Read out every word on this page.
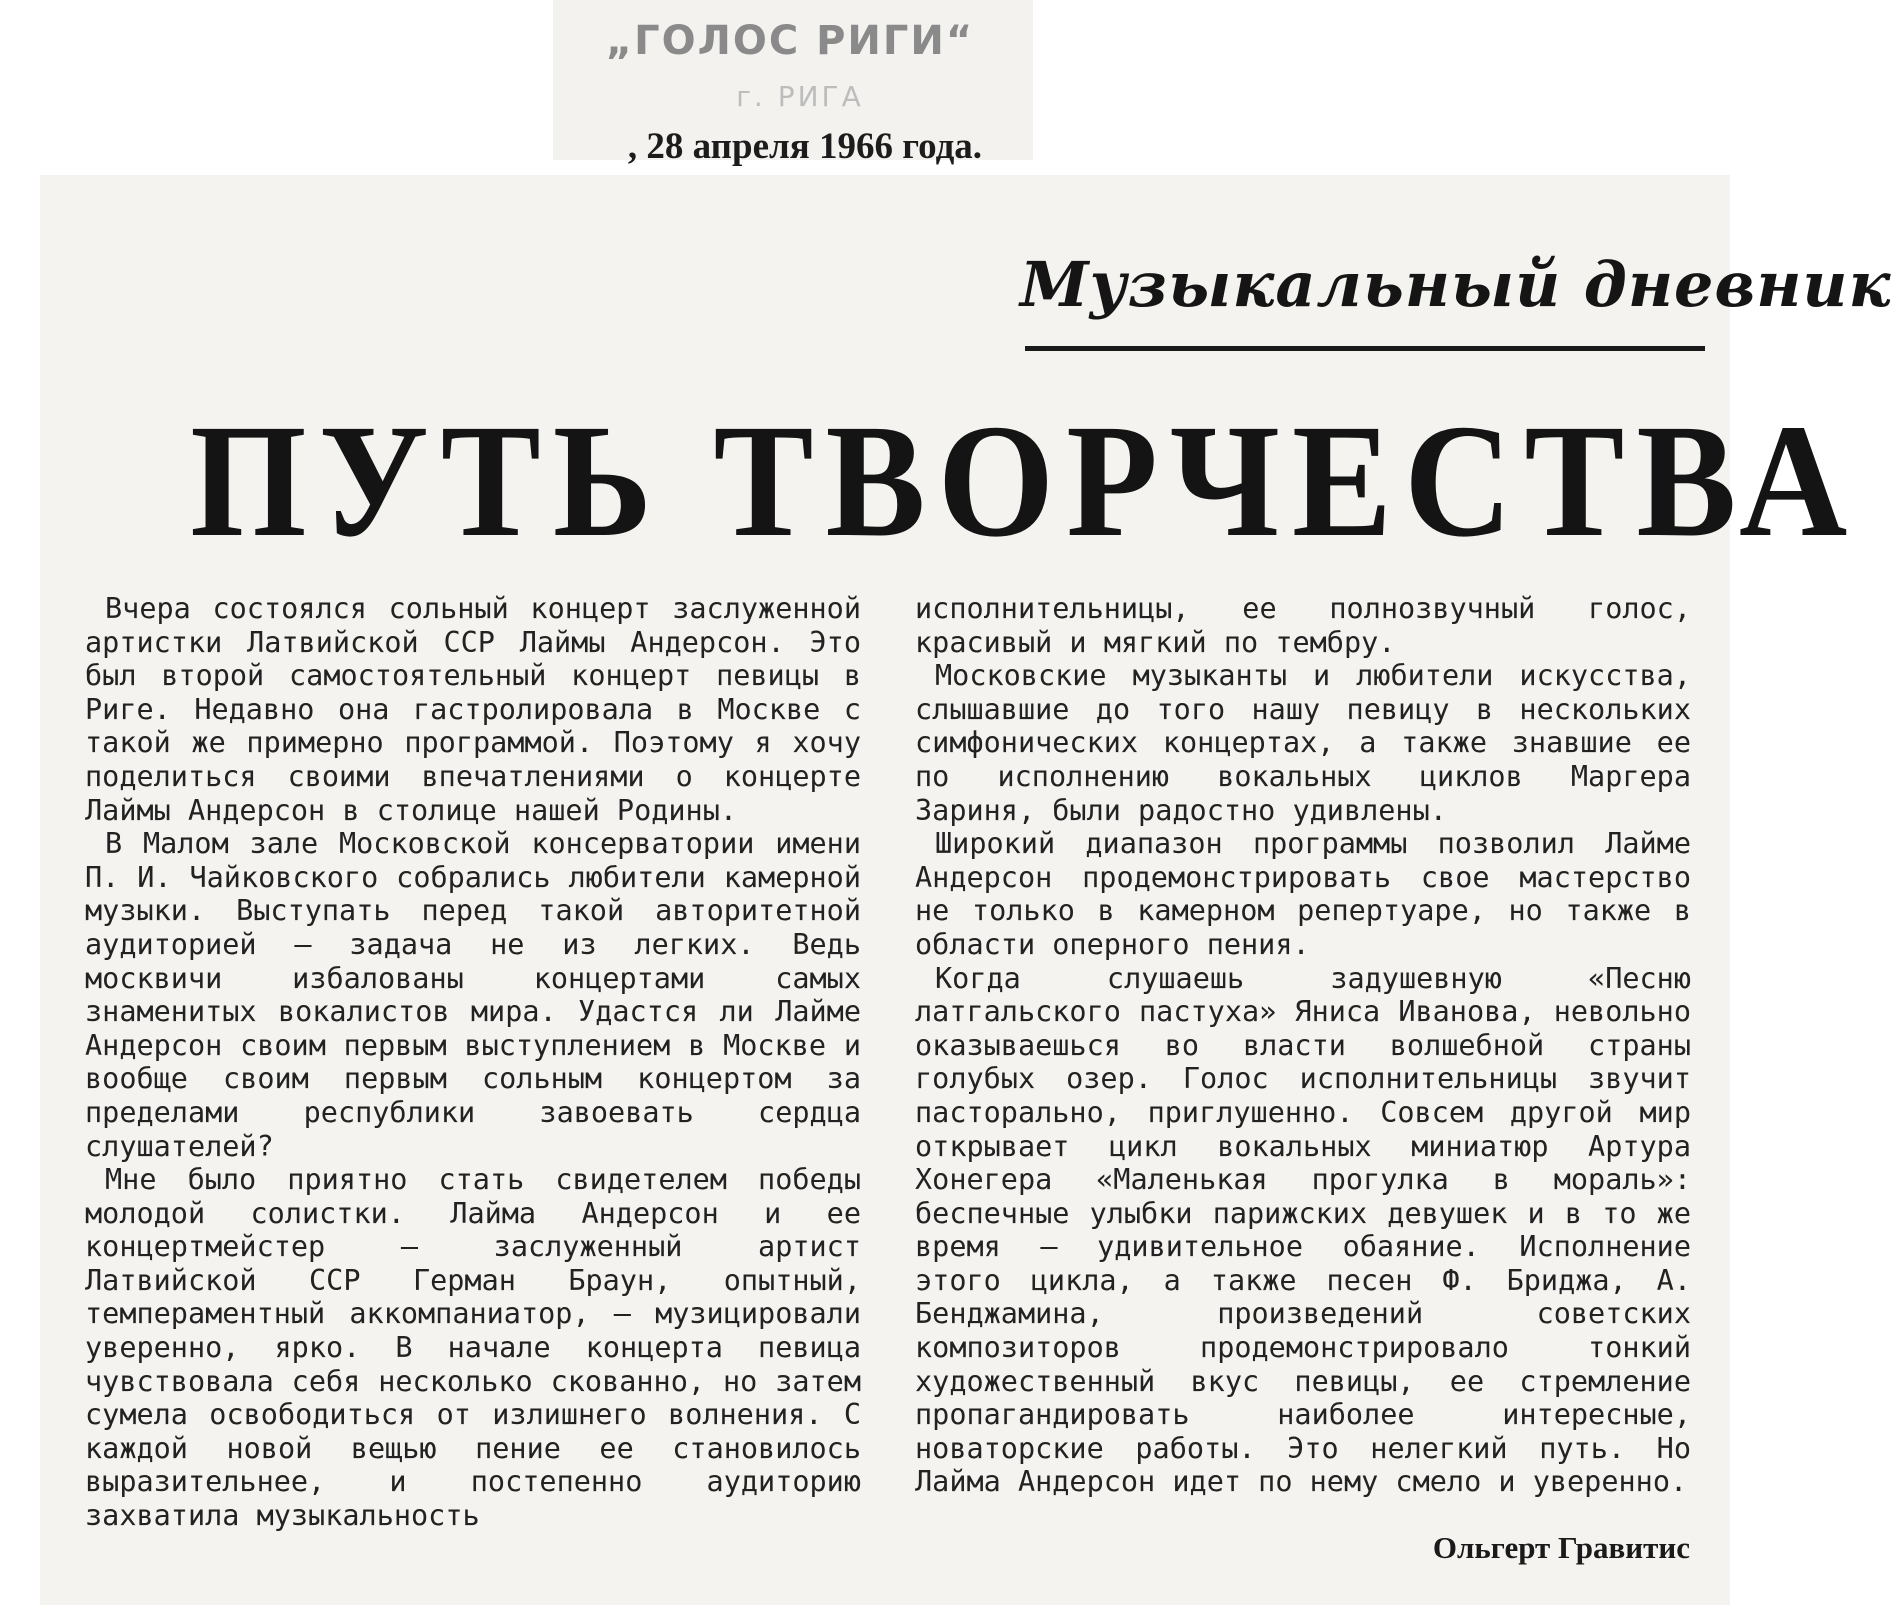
„ГОЛОС РИГИ“
г. РИГА
, 28 апреля 1966 года.
Музыкальный дневник
ПУТЬ ТВОРЧЕСТВА

Вчера состоялся сольный концерт заслуженной артистки Латвийской ССР Лаймы Андерсон. Это был второй самостоятельный концерт певицы в Риге. Недавно она гастролировала в Москве с такой же примерно программой. Поэтому я хочу поделиться своими впечатлениями о концерте Лаймы Андерсон в столице нашей Родины.

В Малом зале Московской консерватории имени П. И. Чайковского собрались любители камерной музыки. Выступать перед такой авторитетной аудиторией — задача не из легких. Ведь москвичи избалованы концертами самых знаменитых вокалистов мира. Удастся ли Лайме Андерсон своим первым выступлением в Москве и вообще своим первым сольным концертом за пределами республики завоевать сердца слушателей?

Мне было приятно стать свидетелем победы молодой солистки. Лайма Андерсон и ее концертмейстер — заслуженный артист Латвийской ССР Герман Браун, опытный, темпераментный аккомпаниатор, — музицировали уверенно, ярко. В начале концерта певица чувствовала себя несколько скованно, но затем сумела освободиться от излишнего волнения. С каждой новой вещью пение ее становилось выразительнее, и постепенно аудиторию захватила музыкальность

исполнительницы, ее полнозвучный голос, красивый и мягкий по тембру.

Московские музыканты и любители искусства, слышавшие до того нашу певицу в нескольких симфонических концертах, а также знавшие ее по исполнению вокальных циклов Маргера Зариня, были радостно удивлены.

Широкий диапазон программы позволил Лайме Андерсон продемонстрировать свое мастерство не только в камерном репертуаре, но также в области оперного пения.

Когда слушаешь задушевную «Песню латгальского пастуха» Яниса Иванова, невольно оказываешься во власти волшебной страны голубых озер. Голос исполнительницы звучит пасторально, приглушенно. Совсем другой мир открывает цикл вокальных миниатюр Артура Хонегера «Маленькая прогулка в мораль»: беспечные улыбки парижских девушек и в то же время — удивительное обаяние. Исполнение этого цикла, а также песен Ф. Бриджа, А. Бенджамина, произведений советских композиторов продемонстрировало тонкий художественный вкус певицы, ее стремление пропагандировать наиболее интересные, новаторские работы. Это нелегкий путь. Но Лайма Андерсон идет по нему смело и уверенно.

Ольгерт Гравитис
